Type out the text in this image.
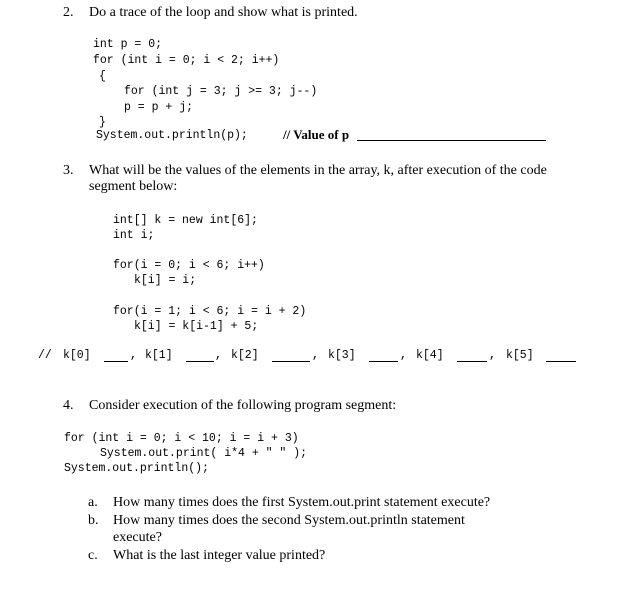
2. Do a trace of the loop and show what is printed.
int p = 0;
for (int i = 0; i < 2; i++)
{
for (int j = 3; j >= 3; j--)
p = p + j;
}
System.out.println(p);	// Value of p
3. What will be the values of the elements in the array, k, after execution of the code
segment below:
int[] k = new int[6];
int i;
for(i = 0; i < 6; i++)
k[i] = i;
for(i = 1; i < 6; i = i + 2)
k[i] = k[i-1] + 5;
// k[0]	, k[1]	, k[2]	, k[3]	, k[4]	, k[5]
4. Consider execution of the following program segment:
for (int i = 0; i < 10; i = i + 3)
System.out.print( i*4 + " " );
System.out.println();
a. How many times does the first System.out.print statement execute?
b. How many times does the second System.out.println statement
execute?
c. What is the last integer value printed?
